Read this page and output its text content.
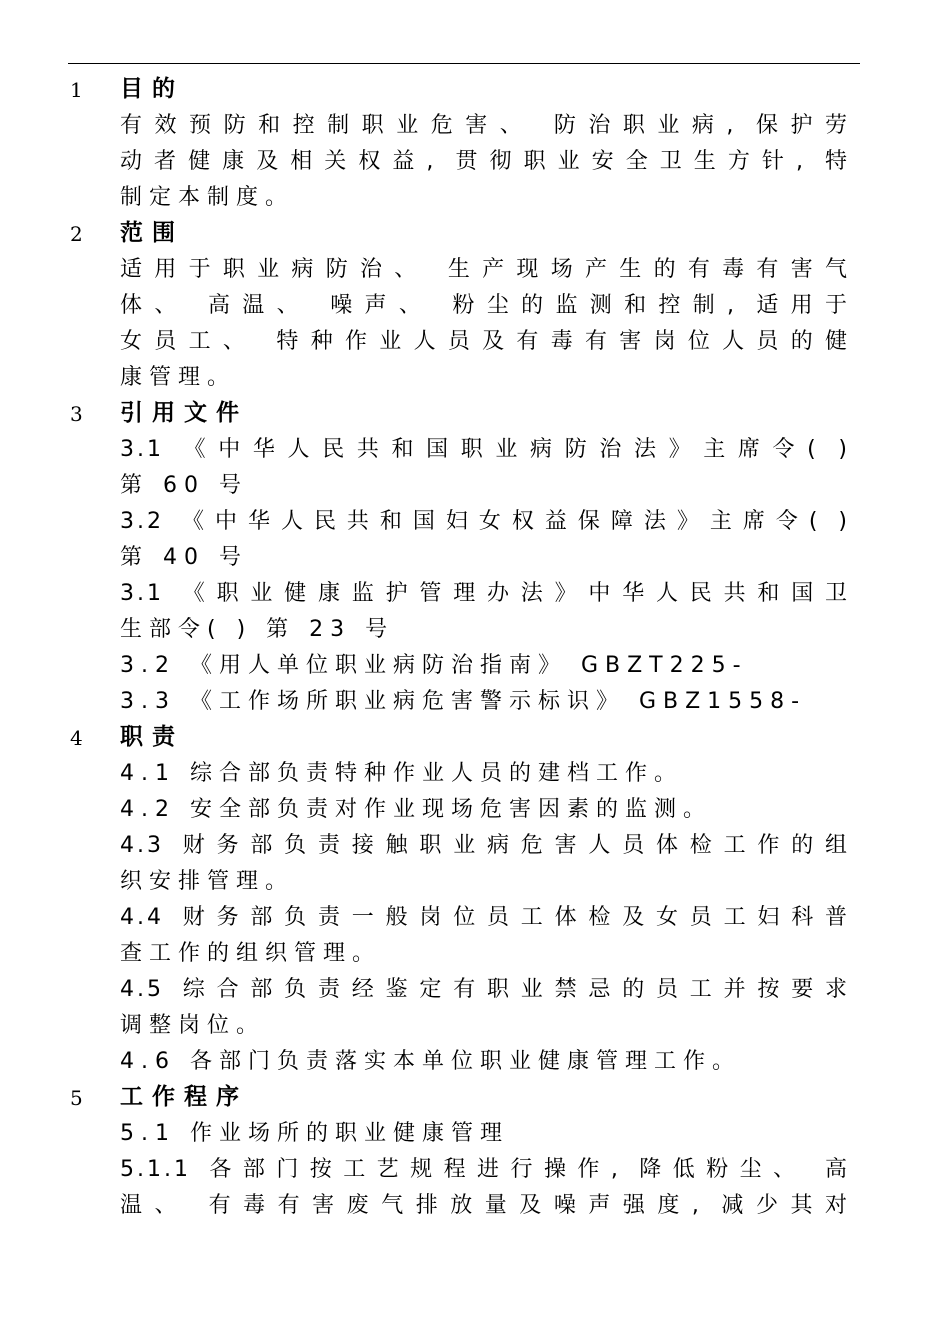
1 目的
有效预防和控制职业危害、 防治职业病, 保护劳
动者健康及相关权益, 贯彻职业安全卫生方针, 特
制定本制度。
2 范围
适用于职业病防治、 生产现场产生的有毒有害气
体、 高温、 噪声、 粉尘的监测和控制, 适用于
女员工、 特种作业人员及有毒有害岗位人员的健
康管理。
3 引用文件
3.1 《中华人民共和国职业病防治法》主席令( )
第 60 号
3.2 《中华人民共和国妇女权益保障法》主席令( )
第 40 号
3.1 《职业健康监护管理办法》中华人民共和国卫
生部令( ) 第 23 号
3.2 《用人单位职业病防治指南》 GBZT225-
3.3 《工作场所职业病危害警示标识》 GBZ1558-
4 职责
4.1 综合部负责特种作业人员的建档工作。
4.2 安全部负责对作业现场危害因素的监测。
4.3 财务部负责接触职业病危害人员体检工作的组
织安排管理。
4.4 财务部负责一般岗位员工体检及女员工妇科普
查工作的组织管理。
4.5 综合部负责经鉴定有职业禁忌的员工并按要求
调整岗位。
4.6 各部门负责落实本单位职业健康管理工作。
5 工作程序
5.1 作业场所的职业健康管理
5.1.1 各部门按工艺规程进行操作, 降低粉尘、 高
温、 有毒有害废气排放量及噪声强度, 减少其对
